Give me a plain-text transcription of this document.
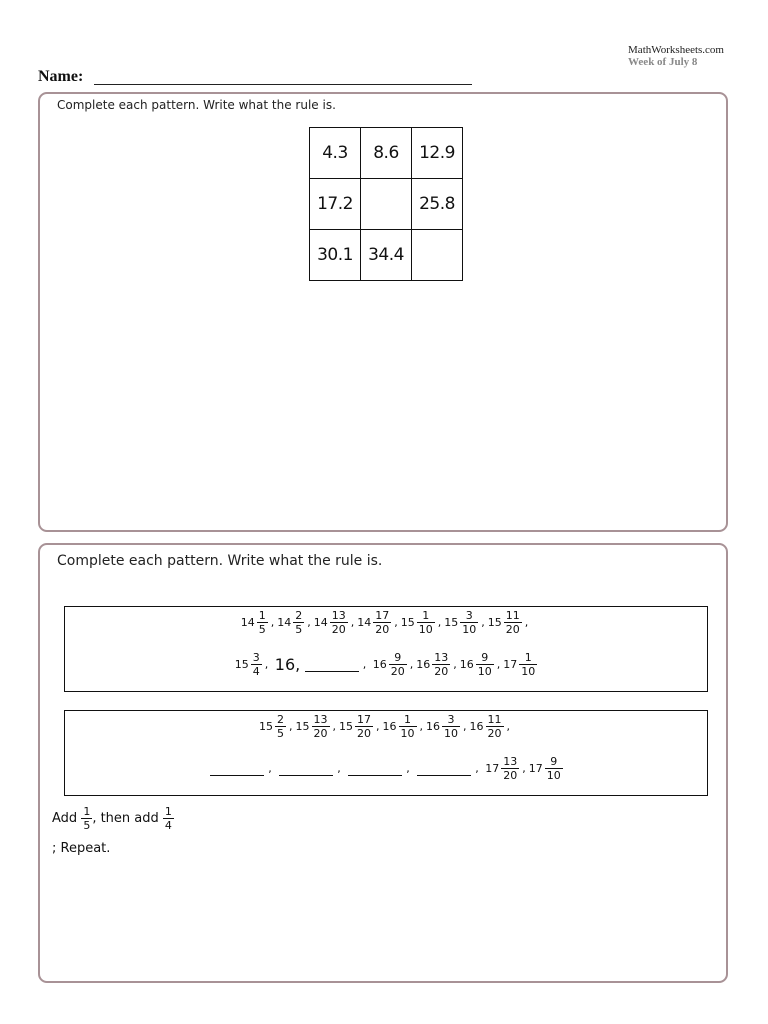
MathWorksheets.com
Week of July 8
Name:
Complete each pattern. Write what the rule is.
4.3	8.6	12.9
17.2		25.8
30.1	34.4	
Complete each pattern. Write what the rule is.
$14 \frac{1}{5}$ , $14 \frac{2}{5}$ , $14 \frac{13}{20}$ , $14 \frac{17}{20}$ , $15 \frac{1}{10}$ , $15 \frac{3}{10}$ , $15 \frac{11}{20}$ ,
$15 \frac{3}{4}$ , 16,	, $16 \frac{9}{20}$ , $16 \frac{13}{20}$ , $16 \frac{9}{10}$ , $17 \frac{1}{10}$
$15 \frac{2}{5}$ , $15 \frac{13}{20}$ , $15 \frac{17}{20}$ , $16 \frac{1}{10}$ , $16 \frac{3}{10}$ , $16 \frac{11}{20}$ ,
,	,	,	, $17 \frac{13}{20}$ , $17 \frac{9}{10}$
Add $\frac{1}{5}$ , then add $\frac{1}{4}$
; Repeat.
